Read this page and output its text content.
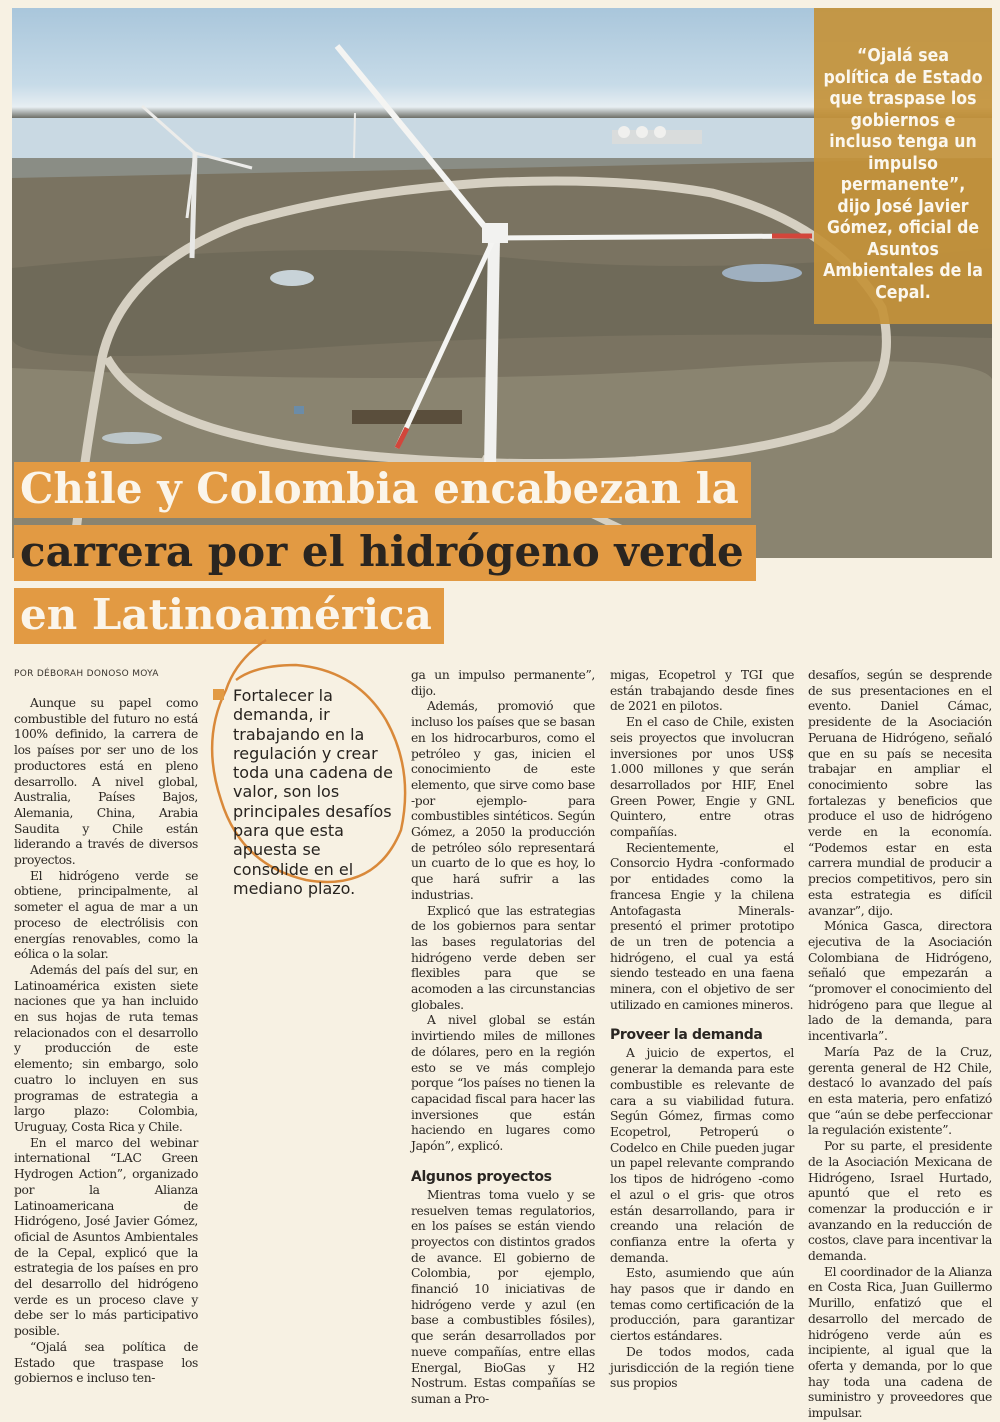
“Ojalá sea política de Estado que traspase los gobiernos e incluso tenga un impulso permanente”, dijo José Javier Gómez, oficial de Asuntos Ambientales de la Cepal.
Chile y Colombia encabezan la
carrera por el hidrógeno verde
en Latinoamérica
POR DÉBORAH DONOSO MOYA

Aunque su papel como combustible del futuro no está 100% definido, la carrera de los países por ser uno de los productores está en pleno desarrollo. A nivel global, Australia, Países Bajos, Alemania, China, Arabia Saudita y Chile están liderando a través de diversos proyectos.

El hidrógeno verde se obtiene, principalmente, al someter el agua de mar a un proceso de electrólisis con energías renovables, como la eólica o la solar.

Además del país del sur, en Latinoamérica existen siete naciones que ya han incluido en sus hojas de ruta temas relacionados con el desarrollo y producción de este elemento; sin embargo, solo cuatro lo incluyen en sus programas de estrategia a largo plazo: Colombia, Uruguay, Costa Rica y Chile.

En el marco del webinar international “LAC Green Hydrogen Action”, organizado por la Alianza Latinoamericana de Hidrógeno, José Javier Gómez, oficial de Asuntos Ambientales de la Cepal, explicó que la estrategia de los países en pro del desarrollo del hidrógeno verde es un proceso clave y debe ser lo más participativo posible.

“Ojalá sea política de Estado que traspase los gobiernos e incluso ten-

Fortalecer la demanda, ir trabajando en la regulación y crear toda una cadena de valor, son los principales desafíos para que esta apuesta se consolide en el mediano plazo.

ga un impulso permanente”, dijo.

Además, promovió que incluso los países que se basan en los hidrocarburos, como el petróleo y gas, inicien el conocimiento de este elemento, que sirve como base -por ejemplo- para combustibles sintéticos. Según Gómez, a 2050 la producción de petróleo sólo representará un cuarto de lo que es hoy, lo que hará sufrir a las industrias.

Explicó que las estrategias de los gobiernos para sentar las bases regulatorias del hidrógeno verde deben ser flexibles para que se acomoden a las circunstancias globales.

A nivel global se están invirtiendo miles de millones de dólares, pero en la región esto se ve más complejo porque “los países no tienen la capacidad fiscal para hacer las inversiones que están haciendo en lugares como Japón”, explicó.

Algunos proyectos

Mientras toma vuelo y se resuelven temas regulatorios, en los países se están viendo proyectos con distintos grados de avance. El gobierno de Colombia, por ejemplo, financió 10 iniciativas de hidrógeno verde y azul (en base a combustibles fósiles), que serán desarrollados por nueve compañías, entre ellas Energal, BioGas y H2 Nostrum. Estas compañías se suman a Pro-

migas, Ecopetrol y TGI que están trabajando desde fines de 2021 en pilotos.

En el caso de Chile, existen seis proyectos que involucran inversiones por unos US$ 1.000 millones y que serán desarrollados por HIF, Enel Green Power, Engie y GNL Quintero, entre otras compañías.

Recientemente, el Consorcio Hydra -conformado por entidades como la francesa Engie y la chilena Antofagasta Minerals- presentó el primer prototipo de un tren de potencia a hidrógeno, el cual ya está siendo testeado en una faena minera, con el objetivo de ser utilizado en camiones mineros.

Proveer la demanda

A juicio de expertos, el generar la demanda para este combustible es relevante de cara a su viabilidad futura. Según Gómez, firmas como Ecopetrol, Petroperú o Codelco en Chile pueden jugar un papel relevante comprando los tipos de hidrógeno -como el azul o el gris- que otros están desarrollando, para ir creando una relación de confianza entre la oferta y demanda.

Esto, asumiendo que aún hay pasos que ir dando en temas como certificación de la producción, para garantizar ciertos estándares.

De todos modos, cada jurisdicción de la región tiene sus propios

desafíos, según se desprende de sus presentaciones en el evento. Daniel Cámac, presidente de la Asociación Peruana de Hidrógeno, señaló que en su país se necesita trabajar en ampliar el conocimiento sobre las fortalezas y beneficios que produce el uso de hidrógeno verde en la economía. “Podemos estar en esta carrera mundial de producir a precios competitivos, pero sin esta estrategia es difícil avanzar”, dijo.

Mónica Gasca, directora ejecutiva de la Asociación Colombiana de Hidrógeno, señaló que empezarán a “promover el conocimiento del hidrógeno para que llegue al lado de la demanda, para incentivarla”.

María Paz de la Cruz, gerenta general de H2 Chile, destacó lo avanzado del país en esta materia, pero enfatizó que “aún se debe perfeccionar la regulación existente”.

Por su parte, el presidente de la Asociación Mexicana de Hidrógeno, Israel Hurtado, apuntó que el reto es comenzar la producción e ir avanzando en la reducción de costos, clave para incentivar la demanda.

El coordinador de la Alianza en Costa Rica, Juan Guillermo Murillo, enfatizó que el desarrollo del mercado de hidrógeno verde aún es incipiente, al igual que la oferta y demanda, por lo que hay toda una cadena de suministro y proveedores que impulsar.
